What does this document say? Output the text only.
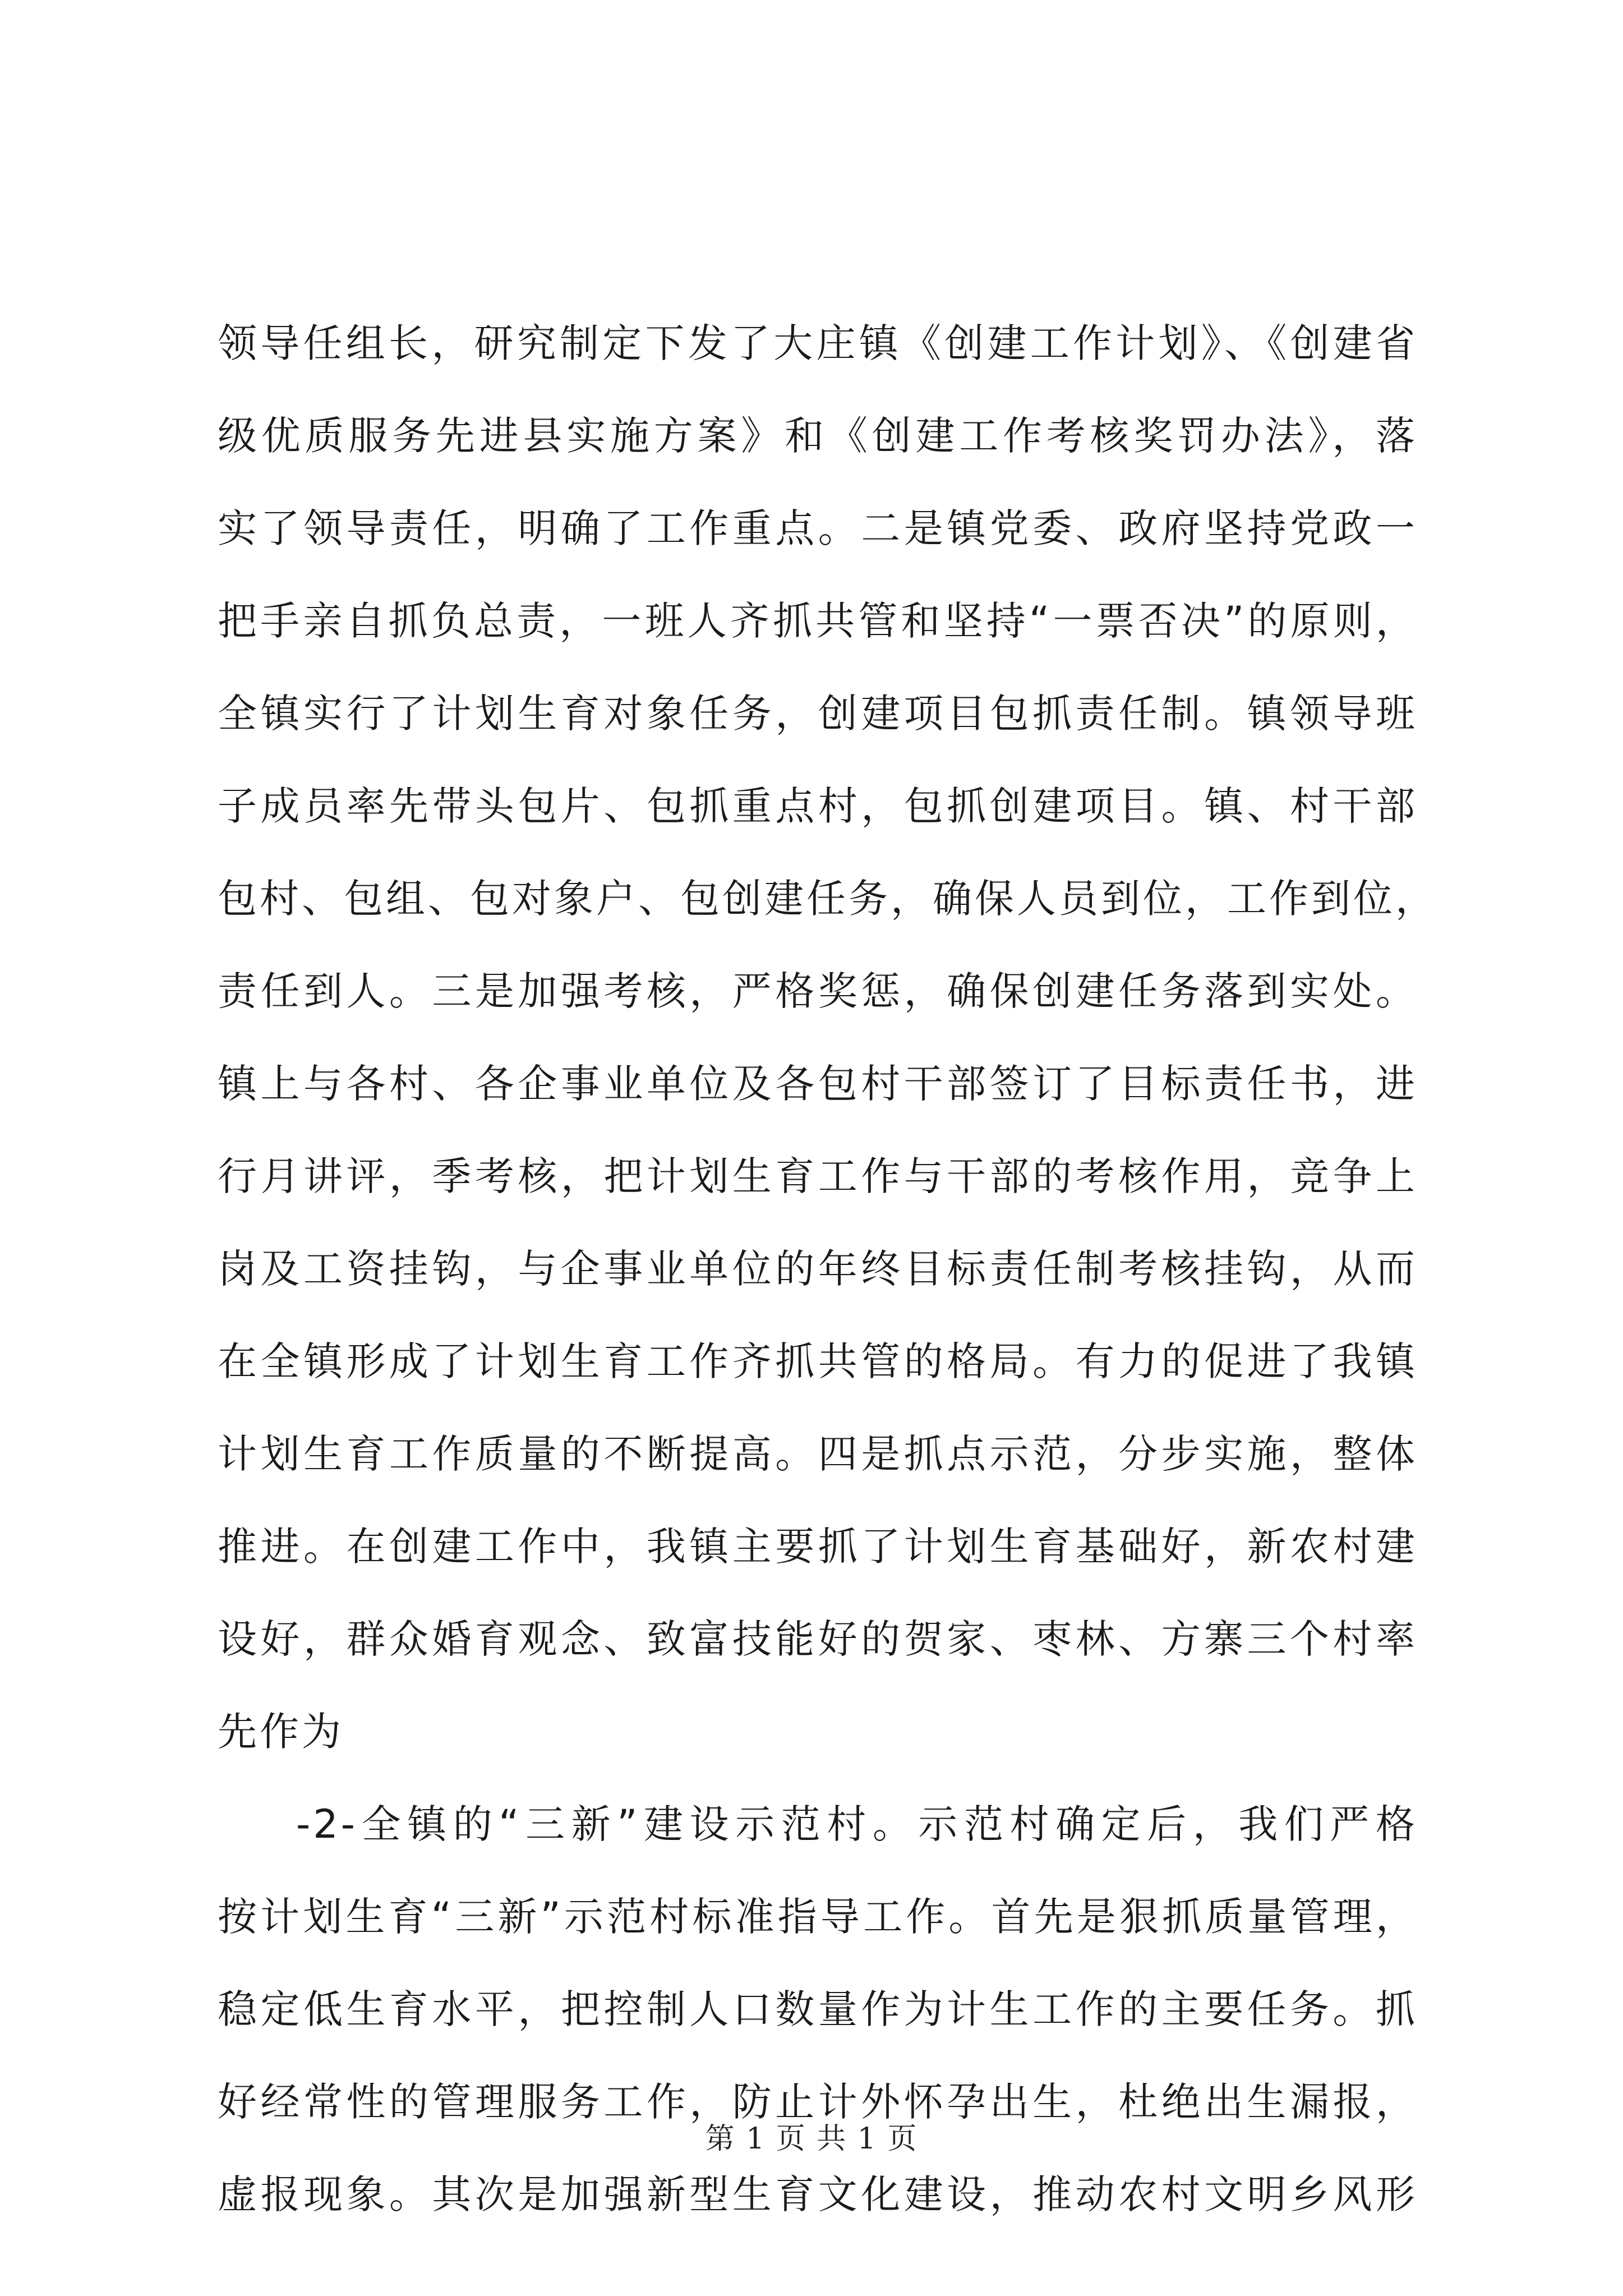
领导任组长，研究制定下发了大庄镇《创建工作计划》、《创建省
级优质服务先进县实施方案》和《创建工作考核奖罚办法》，落
实了领导责任，明确了工作重点。二是镇党委、政府坚持党政一
把手亲自抓负总责，一班人齐抓共管和坚持“一票否决”的原则，
全镇实行了计划生育对象任务，创建项目包抓责任制。镇领导班
子成员率先带头包片、包抓重点村，包抓创建项目。镇、村干部
包村、包组、包对象户、包创建任务，确保人员到位，工作到位，
责任到人。三是加强考核，严格奖惩，确保创建任务落到实处。
镇上与各村、各企事业单位及各包村干部签订了目标责任书，进
行月讲评，季考核，把计划生育工作与干部的考核作用，竞争上
岗及工资挂钩，与企事业单位的年终目标责任制考核挂钩，从而
在全镇形成了计划生育工作齐抓共管的格局。有力的促进了我镇
计划生育工作质量的不断提高。四是抓点示范，分步实施，整体
推进。在创建工作中，我镇主要抓了计划生育基础好，新农村建
设好，群众婚育观念、致富技能好的贺家、枣林、方寨三个村率
先作为
-2-全镇的“三新”建设示范村。示范村确定后，我们严格
按计划生育“三新”示范村标准指导工作。首先是狠抓质量管理，
稳定低生育水平，把控制人口数量作为计生工作的主要任务。抓
好经常性的管理服务工作，防止计外怀孕出生，杜绝出生漏报，
虚报现象。其次是加强新型生育文化建设，推动农村文明乡风形
第 1 页 共 1 页
